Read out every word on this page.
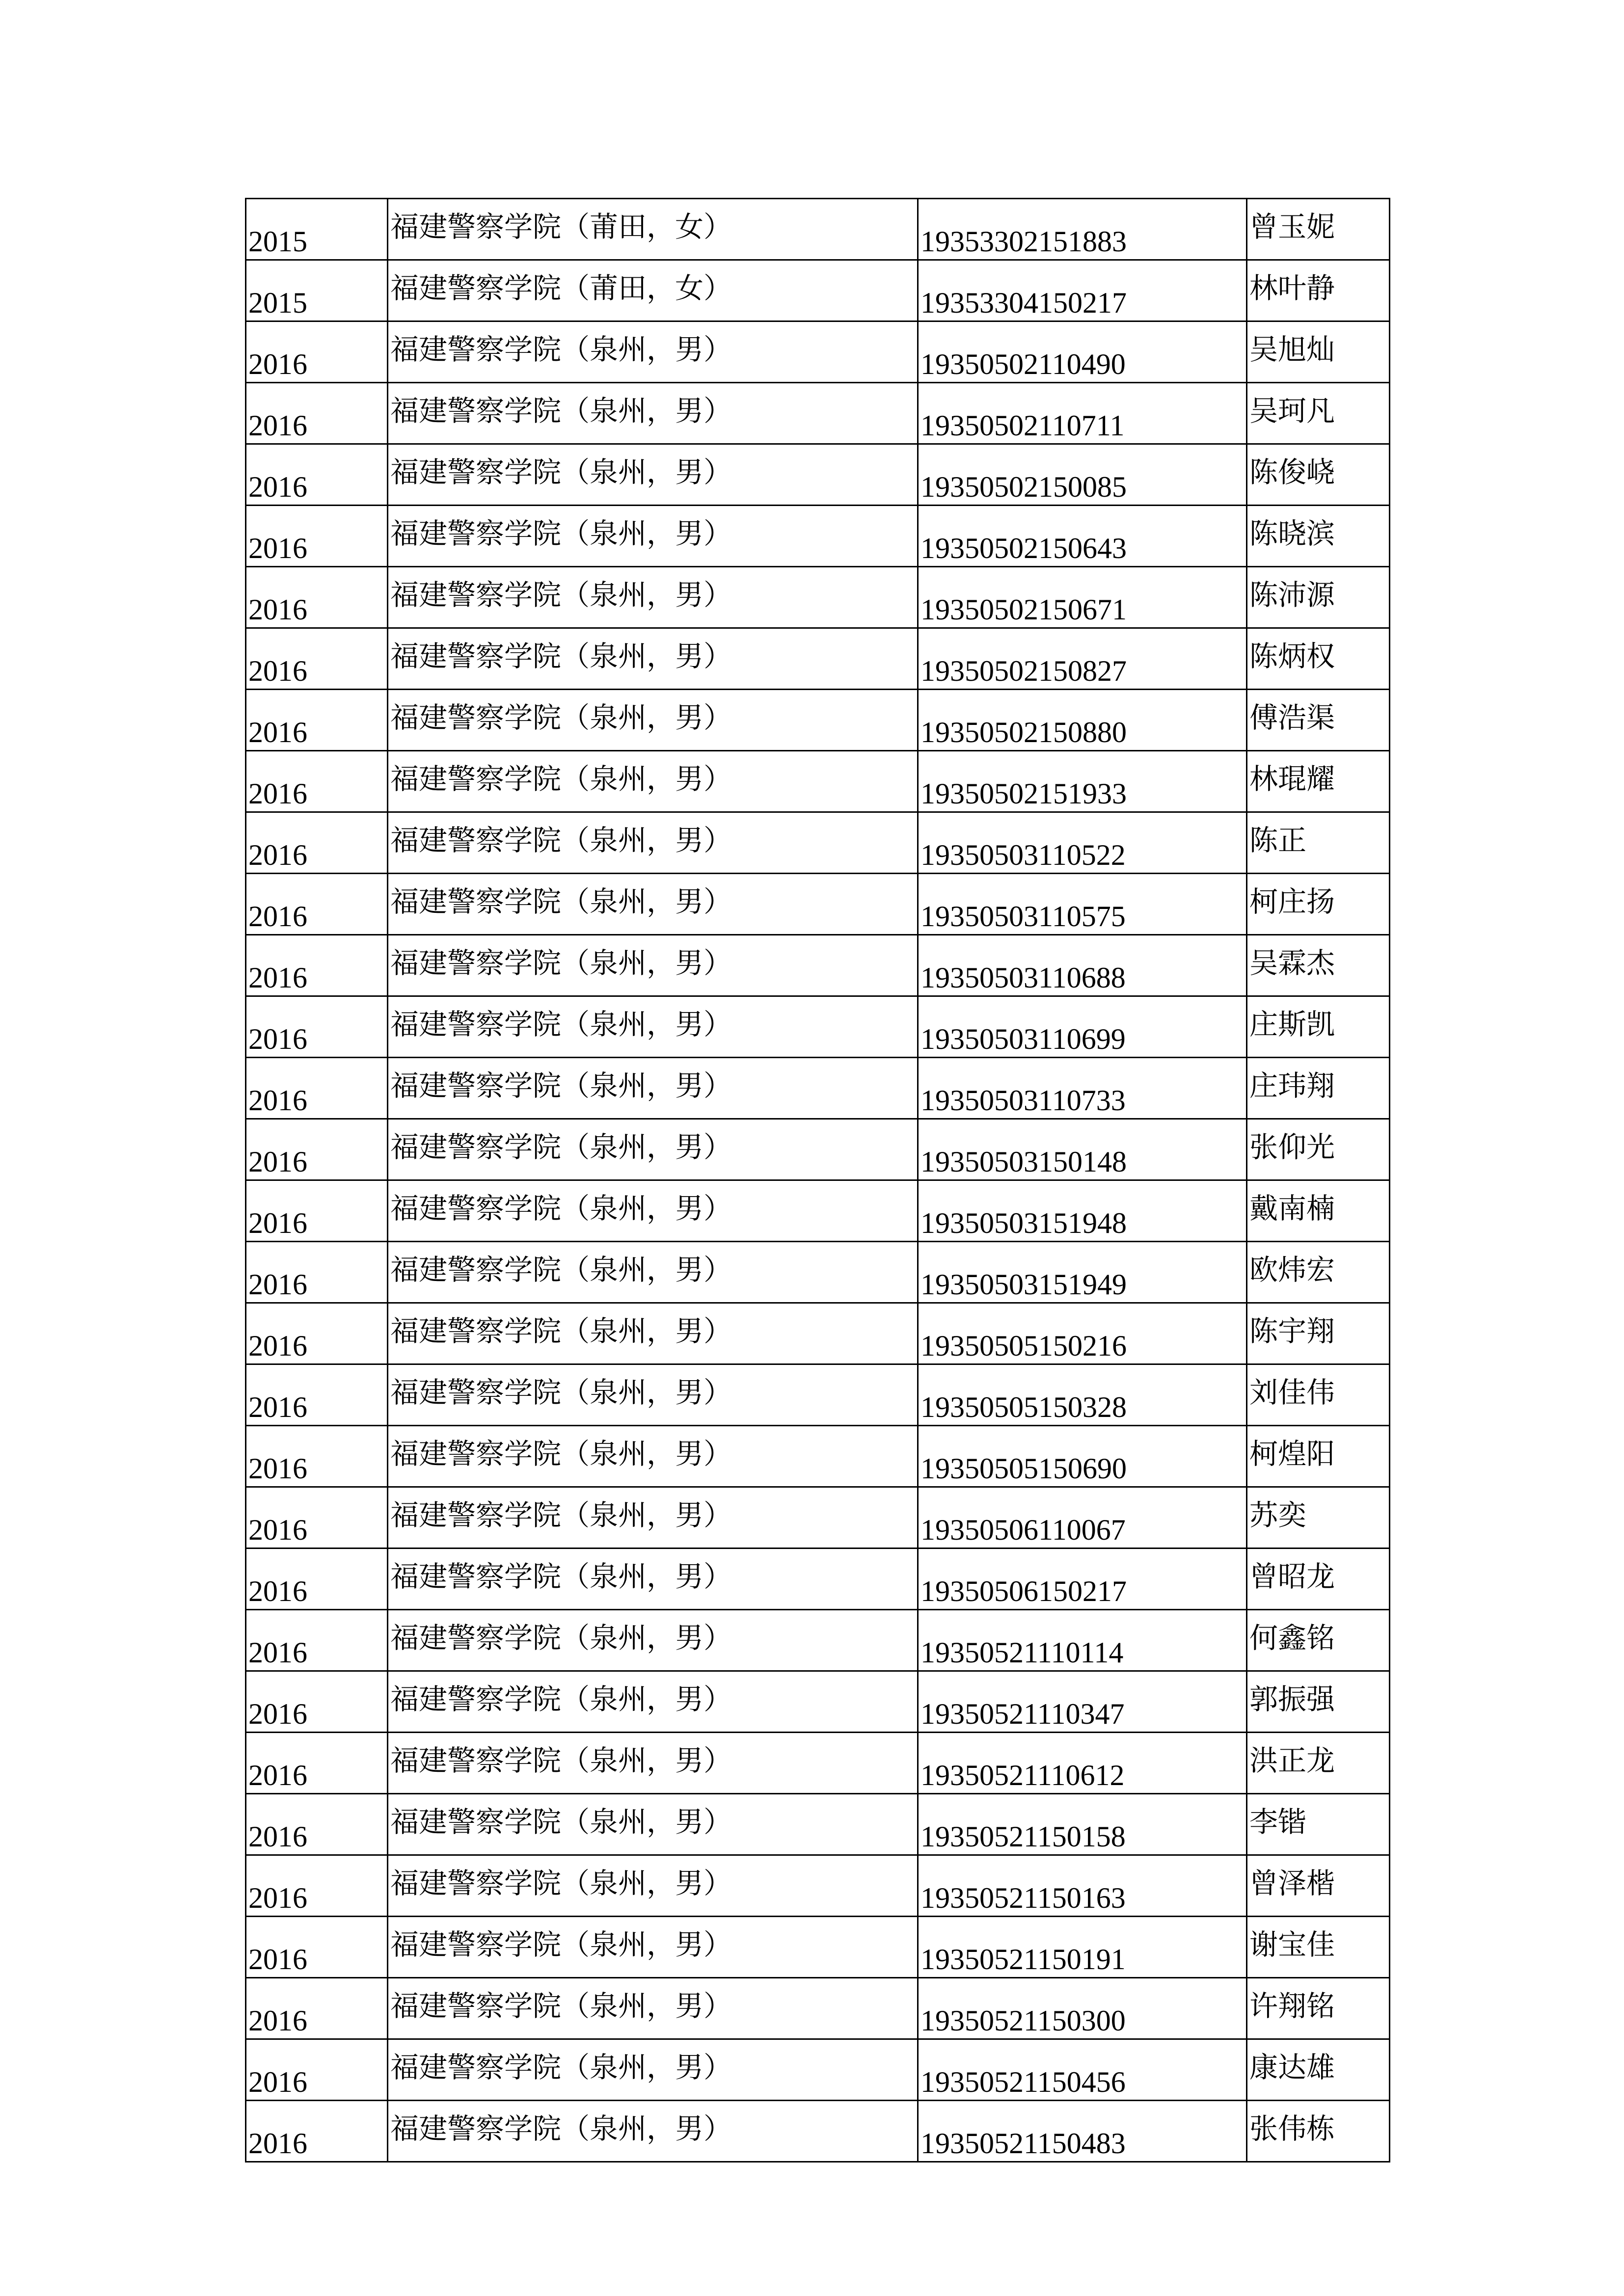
2015	福建警察学院（莆田，女）	19353302151883	曾玉妮
2015	福建警察学院（莆田，女）	19353304150217	林叶静
2016	福建警察学院（泉州，男）	19350502110490	吴旭灿
2016	福建警察学院（泉州，男）	19350502110711	吴珂凡
2016	福建警察学院（泉州，男）	19350502150085	陈俊峣
2016	福建警察学院（泉州，男）	19350502150643	陈晓滨
2016	福建警察学院（泉州，男）	19350502150671	陈沛源
2016	福建警察学院（泉州，男）	19350502150827	陈炳权
2016	福建警察学院（泉州，男）	19350502150880	傅浩渠
2016	福建警察学院（泉州，男）	19350502151933	林琨耀
2016	福建警察学院（泉州，男）	19350503110522	陈正
2016	福建警察学院（泉州，男）	19350503110575	柯庄扬
2016	福建警察学院（泉州，男）	19350503110688	吴霖杰
2016	福建警察学院（泉州，男）	19350503110699	庄斯凯
2016	福建警察学院（泉州，男）	19350503110733	庄玮翔
2016	福建警察学院（泉州，男）	19350503150148	张仰光
2016	福建警察学院（泉州，男）	19350503151948	戴南楠
2016	福建警察学院（泉州，男）	19350503151949	欧炜宏
2016	福建警察学院（泉州，男）	19350505150216	陈宇翔
2016	福建警察学院（泉州，男）	19350505150328	刘佳伟
2016	福建警察学院（泉州，男）	19350505150690	柯煌阳
2016	福建警察学院（泉州，男）	19350506110067	苏奕
2016	福建警察学院（泉州，男）	19350506150217	曾昭龙
2016	福建警察学院（泉州，男）	19350521110114	何鑫铭
2016	福建警察学院（泉州，男）	19350521110347	郭振强
2016	福建警察学院（泉州，男）	19350521110612	洪正龙
2016	福建警察学院（泉州，男）	19350521150158	李锴
2016	福建警察学院（泉州，男）	19350521150163	曾泽楷
2016	福建警察学院（泉州，男）	19350521150191	谢宝佳
2016	福建警察学院（泉州，男）	19350521150300	许翔铭
2016	福建警察学院（泉州，男）	19350521150456	康达雄
2016	福建警察学院（泉州，男）	19350521150483	张伟栋
